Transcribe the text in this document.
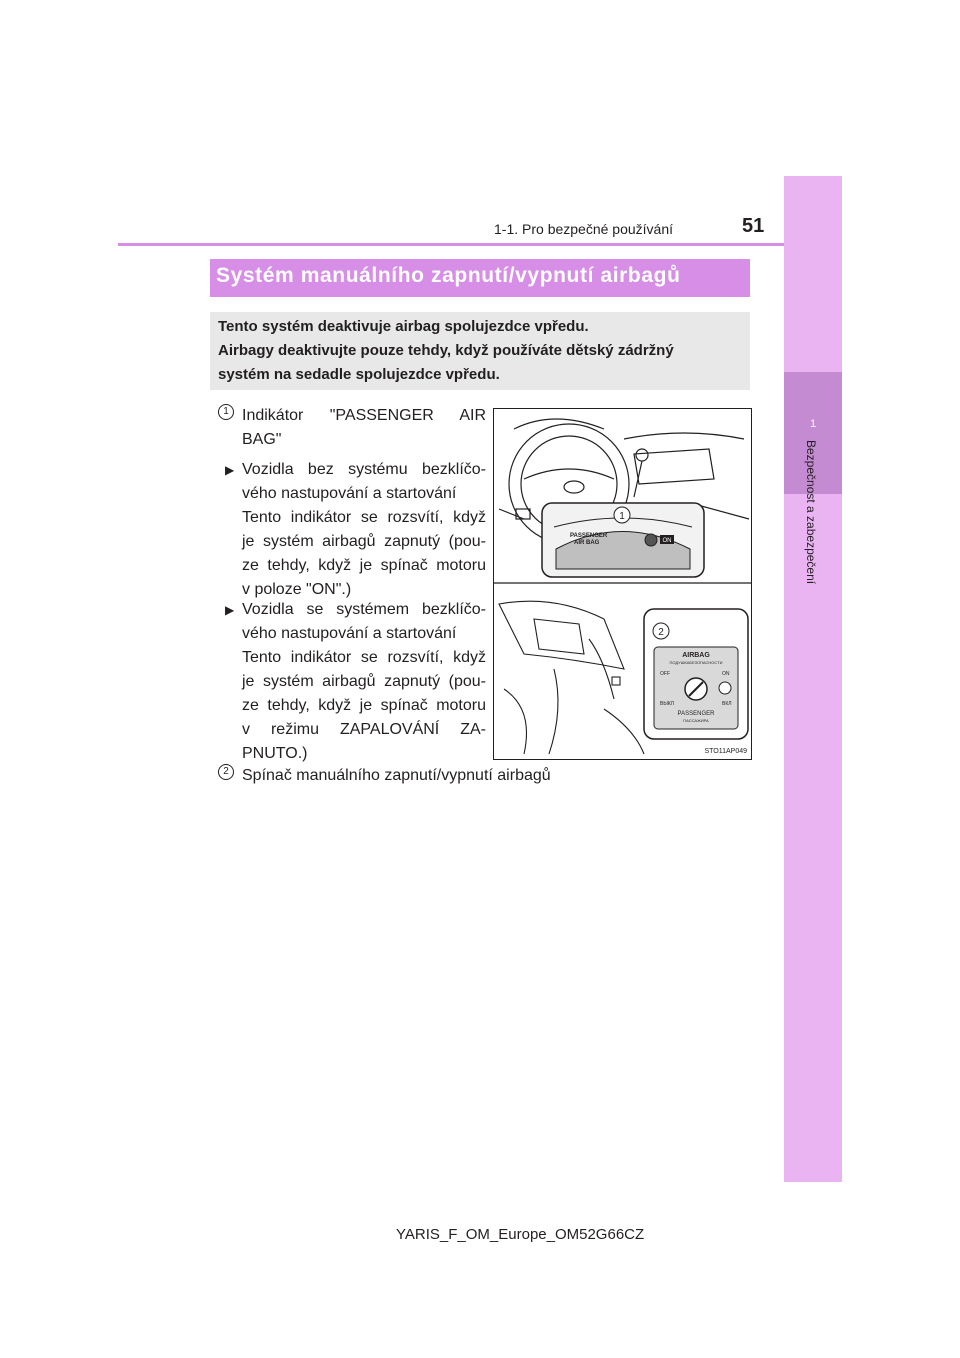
1
Bezpečnost a zabezpečení
1-1. Pro bezpečné používání	51
Systém manuálního zapnutí/vypnutí airbagů
Tento systém deaktivuje airbag spolujezdce vpředu.
Airbagy deaktivujte pouze tehdy, když používáte dětský zádržný
systém na sedadle spolujezdce vpředu.
1 Indikátor "PASSENGER AIR
BAG"
▶ Vozidla bez systému bezklíčo-
vého nastupování a startování
Tento indikátor se rozsvítí, když
je systém airbagů zapnutý (pou-
ze tehdy, když je spínač motoru
v poloze "ON".)
▶ Vozidla se systémem bezklíčo-
vého nastupování a startování
Tento indikátor se rozsvítí, když
je systém airbagů zapnutý (pou-
ze tehdy, když je spínač motoru
v režimu ZAPALOVÁNÍ ZA-
PNUTO.)
2 Spínač manuálního zapnutí/vypnutí airbagů
1
PASSENGER
AIR BAG	ON
2
AIRBAG
ПОДУШКАБЕЗОПАСНОСТИ
OFF	ON
ВЫКЛ	ВКЛ
PASSENGER
ПАССАЖИРА
STO11AP049
YARIS_F_OM_Europe_OM52G66CZ
